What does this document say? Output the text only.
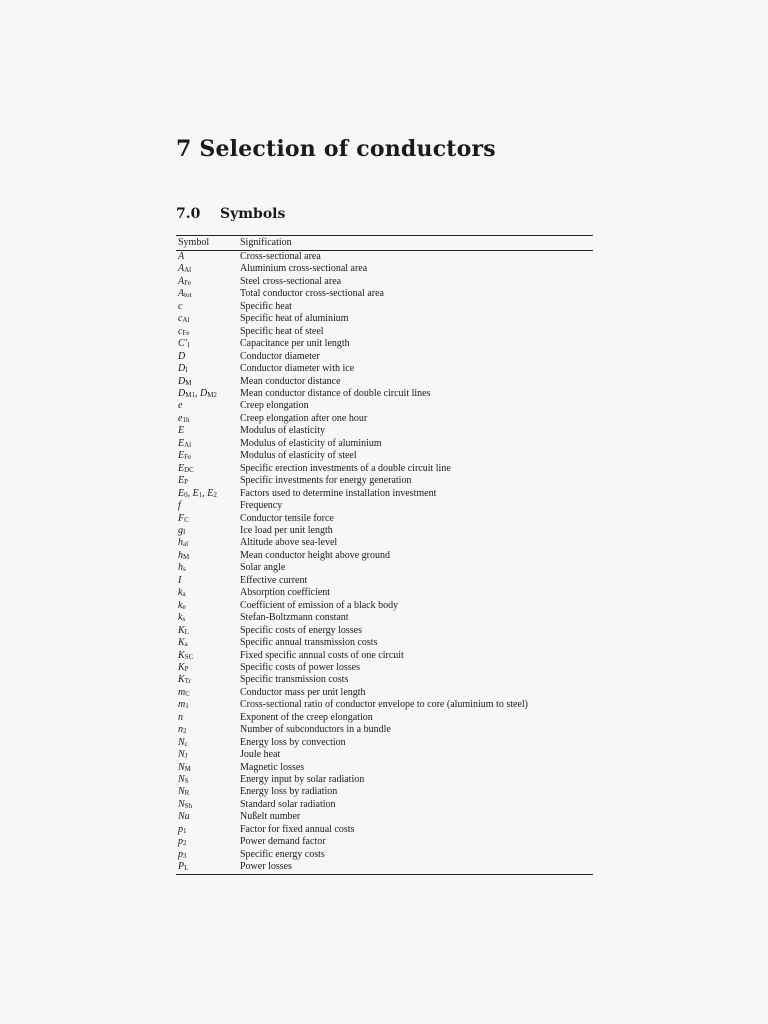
7 Selection of conductors
7.0 Symbols
Symbol	Signification
A	Cross-sectional area
$A_{Al}$	Aluminium cross-sectional area
$A_{Fe}$	Steel cross-sectional area
$A_{tot}$	Total conductor cross-sectional area
c	Specific heat
$c_{Al}$	Specific heat of aluminium
$c_{Fe}$	Specific heat of steel
$C'_1$	Capacitance per unit length
D	Conductor diameter
$D_I$	Conductor diameter with ice
$D_M$	Mean conductor distance
$D_{M1}$, $D_{M2}$	Mean conductor distance of double circuit lines
e	Creep elongation
$e_{1h}$	Creep elongation after one hour
E	Modulus of elasticity
$E_{Al}$	Modulus of elasticity of aluminium
$E_{Fe}$	Modulus of elasticity of steel
$E_{DC}$	Specific erection investments of a double circuit line
$E_P$	Specific investments for energy generation
$E_0$, $E_1$, $E_2$	Factors used to determine installation investment
f	Frequency
$F_C$	Conductor tensile force
$g_I$	Ice load per unit length
$h_{al}$	Altitude above sea-level
$h_M$	Mean conductor height above ground
$h_s$	Solar angle
I	Effective current
$k_a$	Absorption coefficient
$k_e$	Coefficient of emission of a black body
$k_s$	Stefan-Boltzmann constant
$K_L$	Specific costs of energy losses
$K_a$	Specific annual transmission costs
$K_{SC}$	Fixed specific annual costs of one circuit
$K_P$	Specific costs of power losses
$K_{Tr}$	Specific transmission costs
$m_C$	Conductor mass per unit length
$m_1$	Cross-sectional ratio of conductor envelope to core (aluminium to steel)
n	Exponent of the creep elongation
$n_2$	Number of subconductors in a bundle
$N_c$	Energy loss by convection
$N_J$	Joule heat
$N_M$	Magnetic losses
$N_S$	Energy input by solar radiation
$N_R$	Energy loss by radiation
$N_{Sh}$	Standard solar radiation
Nu	Nußelt number
$p_1$	Factor for fixed annual costs
$p_2$	Power demand factor
$p_3$	Specific energy costs
$P_L$	Power losses
